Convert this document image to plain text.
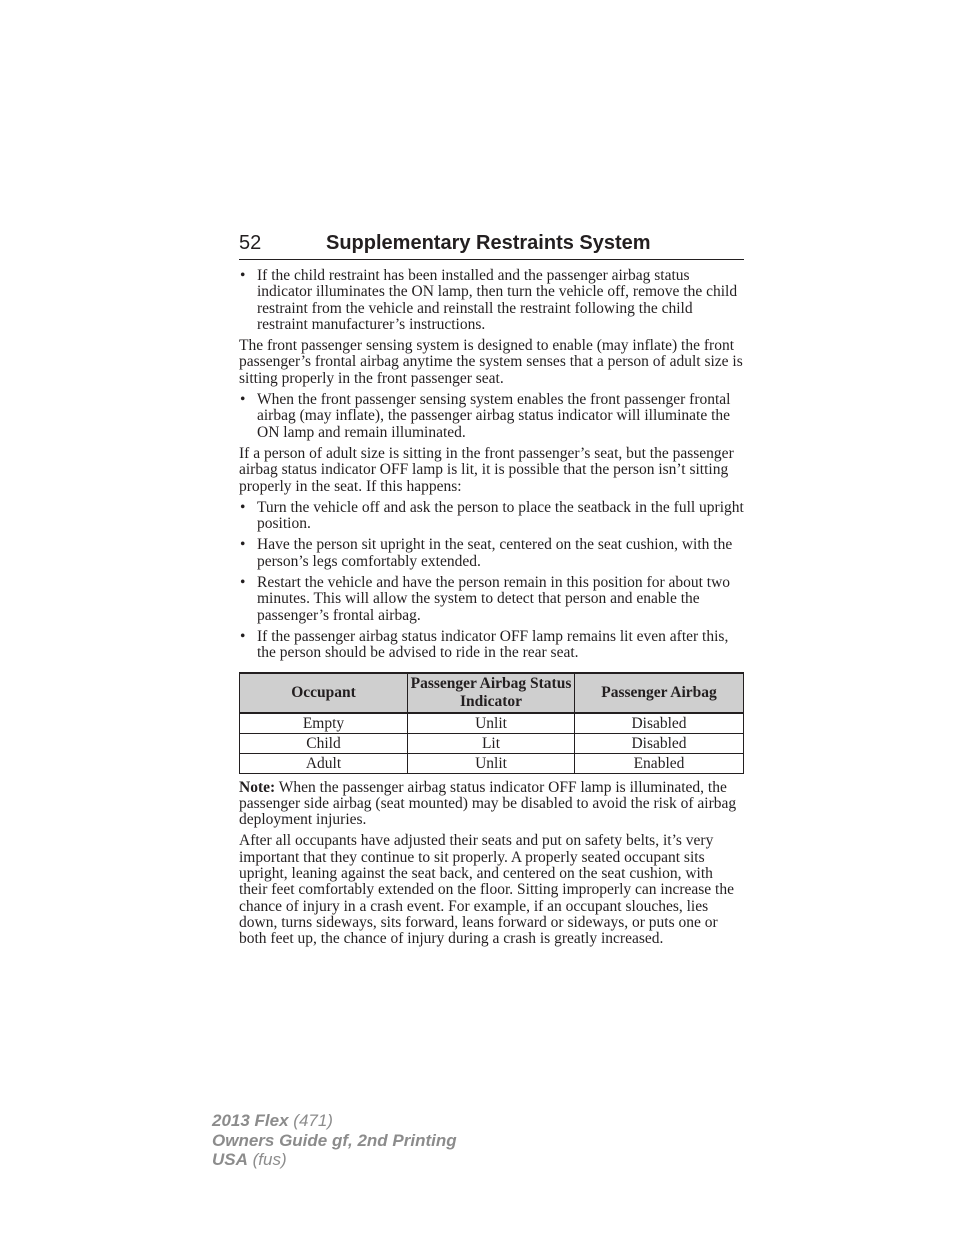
52	Supplementary Restraints System
• If the child restraint has been installed and the passenger airbag status indicator illuminates the ON lamp, then turn the vehicle off, remove the child restraint from the vehicle and reinstall the restraint following the child restraint manufacturer’s instructions.

The front passenger sensing system is designed to enable (may inflate) the front passenger’s frontal airbag anytime the system senses that a person of adult size is sitting properly in the front passenger seat.

• When the front passenger sensing system enables the front passenger frontal airbag (may inflate), the passenger airbag status indicator will illuminate the ON lamp and remain illuminated.

If a person of adult size is sitting in the front passenger’s seat, but the passenger airbag status indicator OFF lamp is lit, it is possible that the person isn’t sitting properly in the seat. If this happens:

• Turn the vehicle off and ask the person to place the seatback in the full upright position.
• Have the person sit upright in the seat, centered on the seat cushion, with the person’s legs comfortably extended.
• Restart the vehicle and have the person remain in this position for about two minutes. This will allow the system to detect that person and enable the passenger’s frontal airbag.
• If the passenger airbag status indicator OFF lamp remains lit even after this, the person should be advised to ride in the rear seat.
Occupant	Passenger Airbag Status Indicator	Passenger Airbag
Empty	Unlit	Disabled
Child	Lit	Disabled
Adult	Unlit	Enabled

Note: When the passenger airbag status indicator OFF lamp is illuminated, the passenger side airbag (seat mounted) may be disabled to avoid the risk of airbag deployment injuries.

After all occupants have adjusted their seats and put on safety belts, it’s very important that they continue to sit properly. A properly seated occupant sits upright, leaning against the seat back, and centered on the seat cushion, with their feet comfortably extended on the floor. Sitting improperly can increase the chance of injury in a crash event. For example, if an occupant slouches, lies down, turns sideways, sits forward, leans forward or sideways, or puts one or both feet up, the chance of injury during a crash is greatly increased.

2013 Flex (471)
Owners Guide gf, 2nd Printing
USA (fus)
